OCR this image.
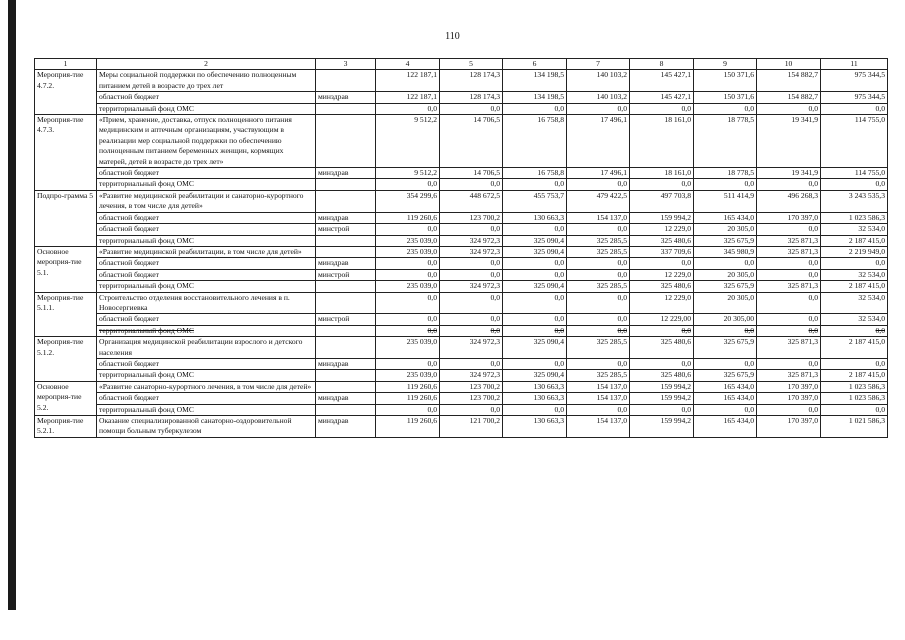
110
1	2	3	4	5	6	7	8	9	10	11
Мероприя-тие 4.7.2.	Меры социальной поддержки по обеспечению полноценным питанием детей в возрасте до трех лет		122 187,1	128 174,3	134 198,5	140 103,2	145 427,1	150 371,6	154 882,7	975 344,5
	областной бюджет	минздрав	122 187,1	128 174,3	134 198,5	140 103,2	145 427,1	150 371,6	154 882,7	975 344,5
	территориальный фонд ОМС		0,0	0,0	0,0	0,0	0,0	0,0	0,0	0,0
Мероприя-тие 4.7.3.	«Прием, хранение, доставка, отпуск полноценного питания медицинским и аптечным организациям, участвующим в реализации мер социальной поддержки по обеспечению полноценным питанием беременных женщин, кормящих матерей, детей в возрасте до трех лет»		9 512,2	14 706,5	16 758,8	17 496,1	18 161,0	18 778,5	19 341,9	114 755,0
	областной бюджет	минздрав	9 512,2	14 706,5	16 758,8	17 496,1	18 161,0	18 778,5	19 341,9	114 755,0
	территориальный фонд ОМС		0,0	0,0	0,0	0,0	0,0	0,0	0,0	0,0
Подпро-грамма 5	«Развитие медицинской реабилитации и санаторно-курортного лечения, в том числе для детей»		354 299,6	448 672,5	455 753,7	479 422,5	497 703,8	511 414,9	496 268,3	3 243 535,3
	областной бюджет	минздрав	119 260,6	123 700,2	130 663,3	154 137,0	159 994,2	165 434,0	170 397,0	1 023 586,3
	областной бюджет	минстрой	0,0	0,0	0,0	0,0	12 229,0	20 305,0	0,0	32 534,0
	территориальный фонд ОМС		235 039,0	324 972,3	325 090,4	325 285,5	325 480,6	325 675,9	325 871,3	2 187 415,0
Основное мероприя-тие 5.1.	«Развитие медицинской реабилитации, в том числе для детей»		235 039,0	324 972,3	325 090,4	325 285,5	337 709,6	345 980,9	325 871,3	2 219 949,0
	областной бюджет	минздрав	0,0	0,0	0,0	0,0	0,0	0,0	0,0	0,0
	областной бюджет	минстрой	0,0	0,0	0,0	0,0	12 229,0	20 305,0	0,0	32 534,0
	территориальный фонд ОМС		235 039,0	324 972,3	325 090,4	325 285,5	325 480,6	325 675,9	325 871,3	2 187 415,0
Мероприя-тие 5.1.1.	Строительство отделения восстановительного лечения в п. Новосергиевка		0,0	0,0	0,0	0,0	12 229,0	20 305,0	0,0	32 534,0
	областной бюджет	минстрой	0,0	0,0	0,0	0,0	12 229,00	20 305,00	0,0	32 534,0
	территориальный фонд ОМС		0,0	0,0	0,0	0,0	0,0	0,0	0,0	0,0
Мероприя-тие 5.1.2.	Организация медицинской реабилитации взрослого и детского населения		235 039,0	324 972,3	325 090,4	325 285,5	325 480,6	325 675,9	325 871,3	2 187 415,0
	областной бюджет	минздрав	0,0	0,0	0,0	0,0	0,0	0,0	0,0	0,0
	территориальный фонд ОМС		235 039,0	324 972,3	325 090,4	325 285,5	325 480,6	325 675,9	325 871,3	2 187 415,0
Основное мероприя-тие 5.2.	«Развитие санаторно-курортного лечения, в том числе для детей»		119 260,6	123 700,2	130 663,3	154 137,0	159 994,2	165 434,0	170 397,0	1 023 586,3
	областной бюджет	минздрав	119 260,6	123 700,2	130 663,3	154 137,0	159 994,2	165 434,0	170 397,0	1 023 586,3
	территориальный фонд ОМС		0,0	0,0	0,0	0,0	0,0	0,0	0,0	0,0
Мероприя-тие 5.2.1.	Оказание специализированной санаторно-оздоровительной помощи больным туберкулезом	минздрав	119 260,6	121 700,2	130 663,3	154 137,0	159 994,2	165 434,0	170 397,0	1 021 586,3
